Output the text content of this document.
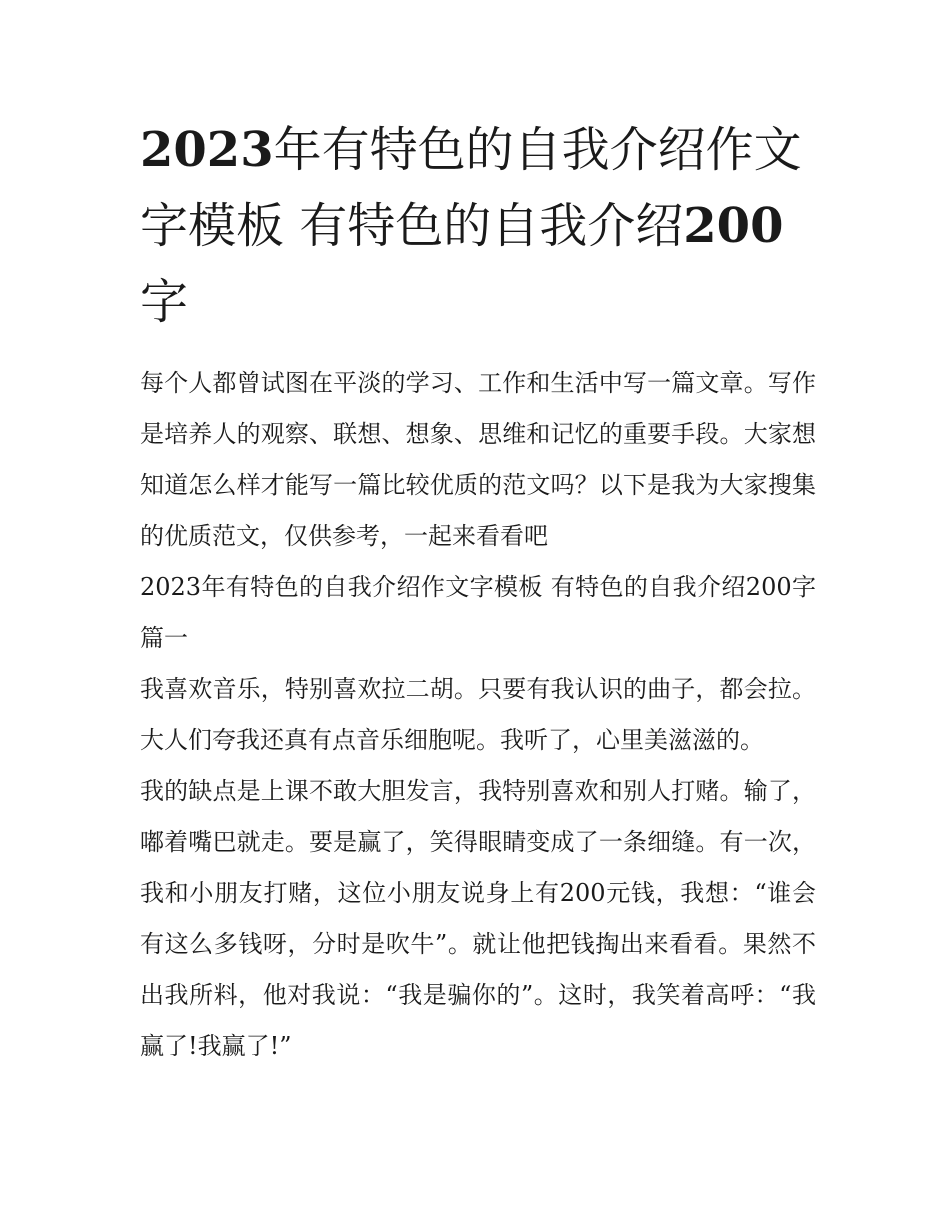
2023年有特色的自我介绍作文字模板 有特色的自我介绍200字

每个人都曾试图在平淡的学习、工作和生活中写一篇文章。写作是培养人的观察、联想、想象、思维和记忆的重要手段。大家想知道怎么样才能写一篇比较优质的范文吗？以下是我为大家搜集的优质范文，仅供参考，一起来看看吧

2023年有特色的自我介绍作文字模板 有特色的自我介绍200字篇一

我喜欢音乐，特别喜欢拉二胡。只要有我认识的曲子，都会拉。大人们夸我还真有点音乐细胞呢。我听了，心里美滋滋的。

我的缺点是上课不敢大胆发言，我特别喜欢和别人打赌。输了，嘟着嘴巴就走。要是赢了，笑得眼睛变成了一条细缝。有一次，我和小朋友打赌，这位小朋友说身上有200元钱，我想：“谁会有这么多钱呀，分时是吹牛”。就让他把钱掏出来看看。果然不出我所料，他对我说：“我是骗你的”。这时，我笑着高呼：“我赢了!我赢了!”
